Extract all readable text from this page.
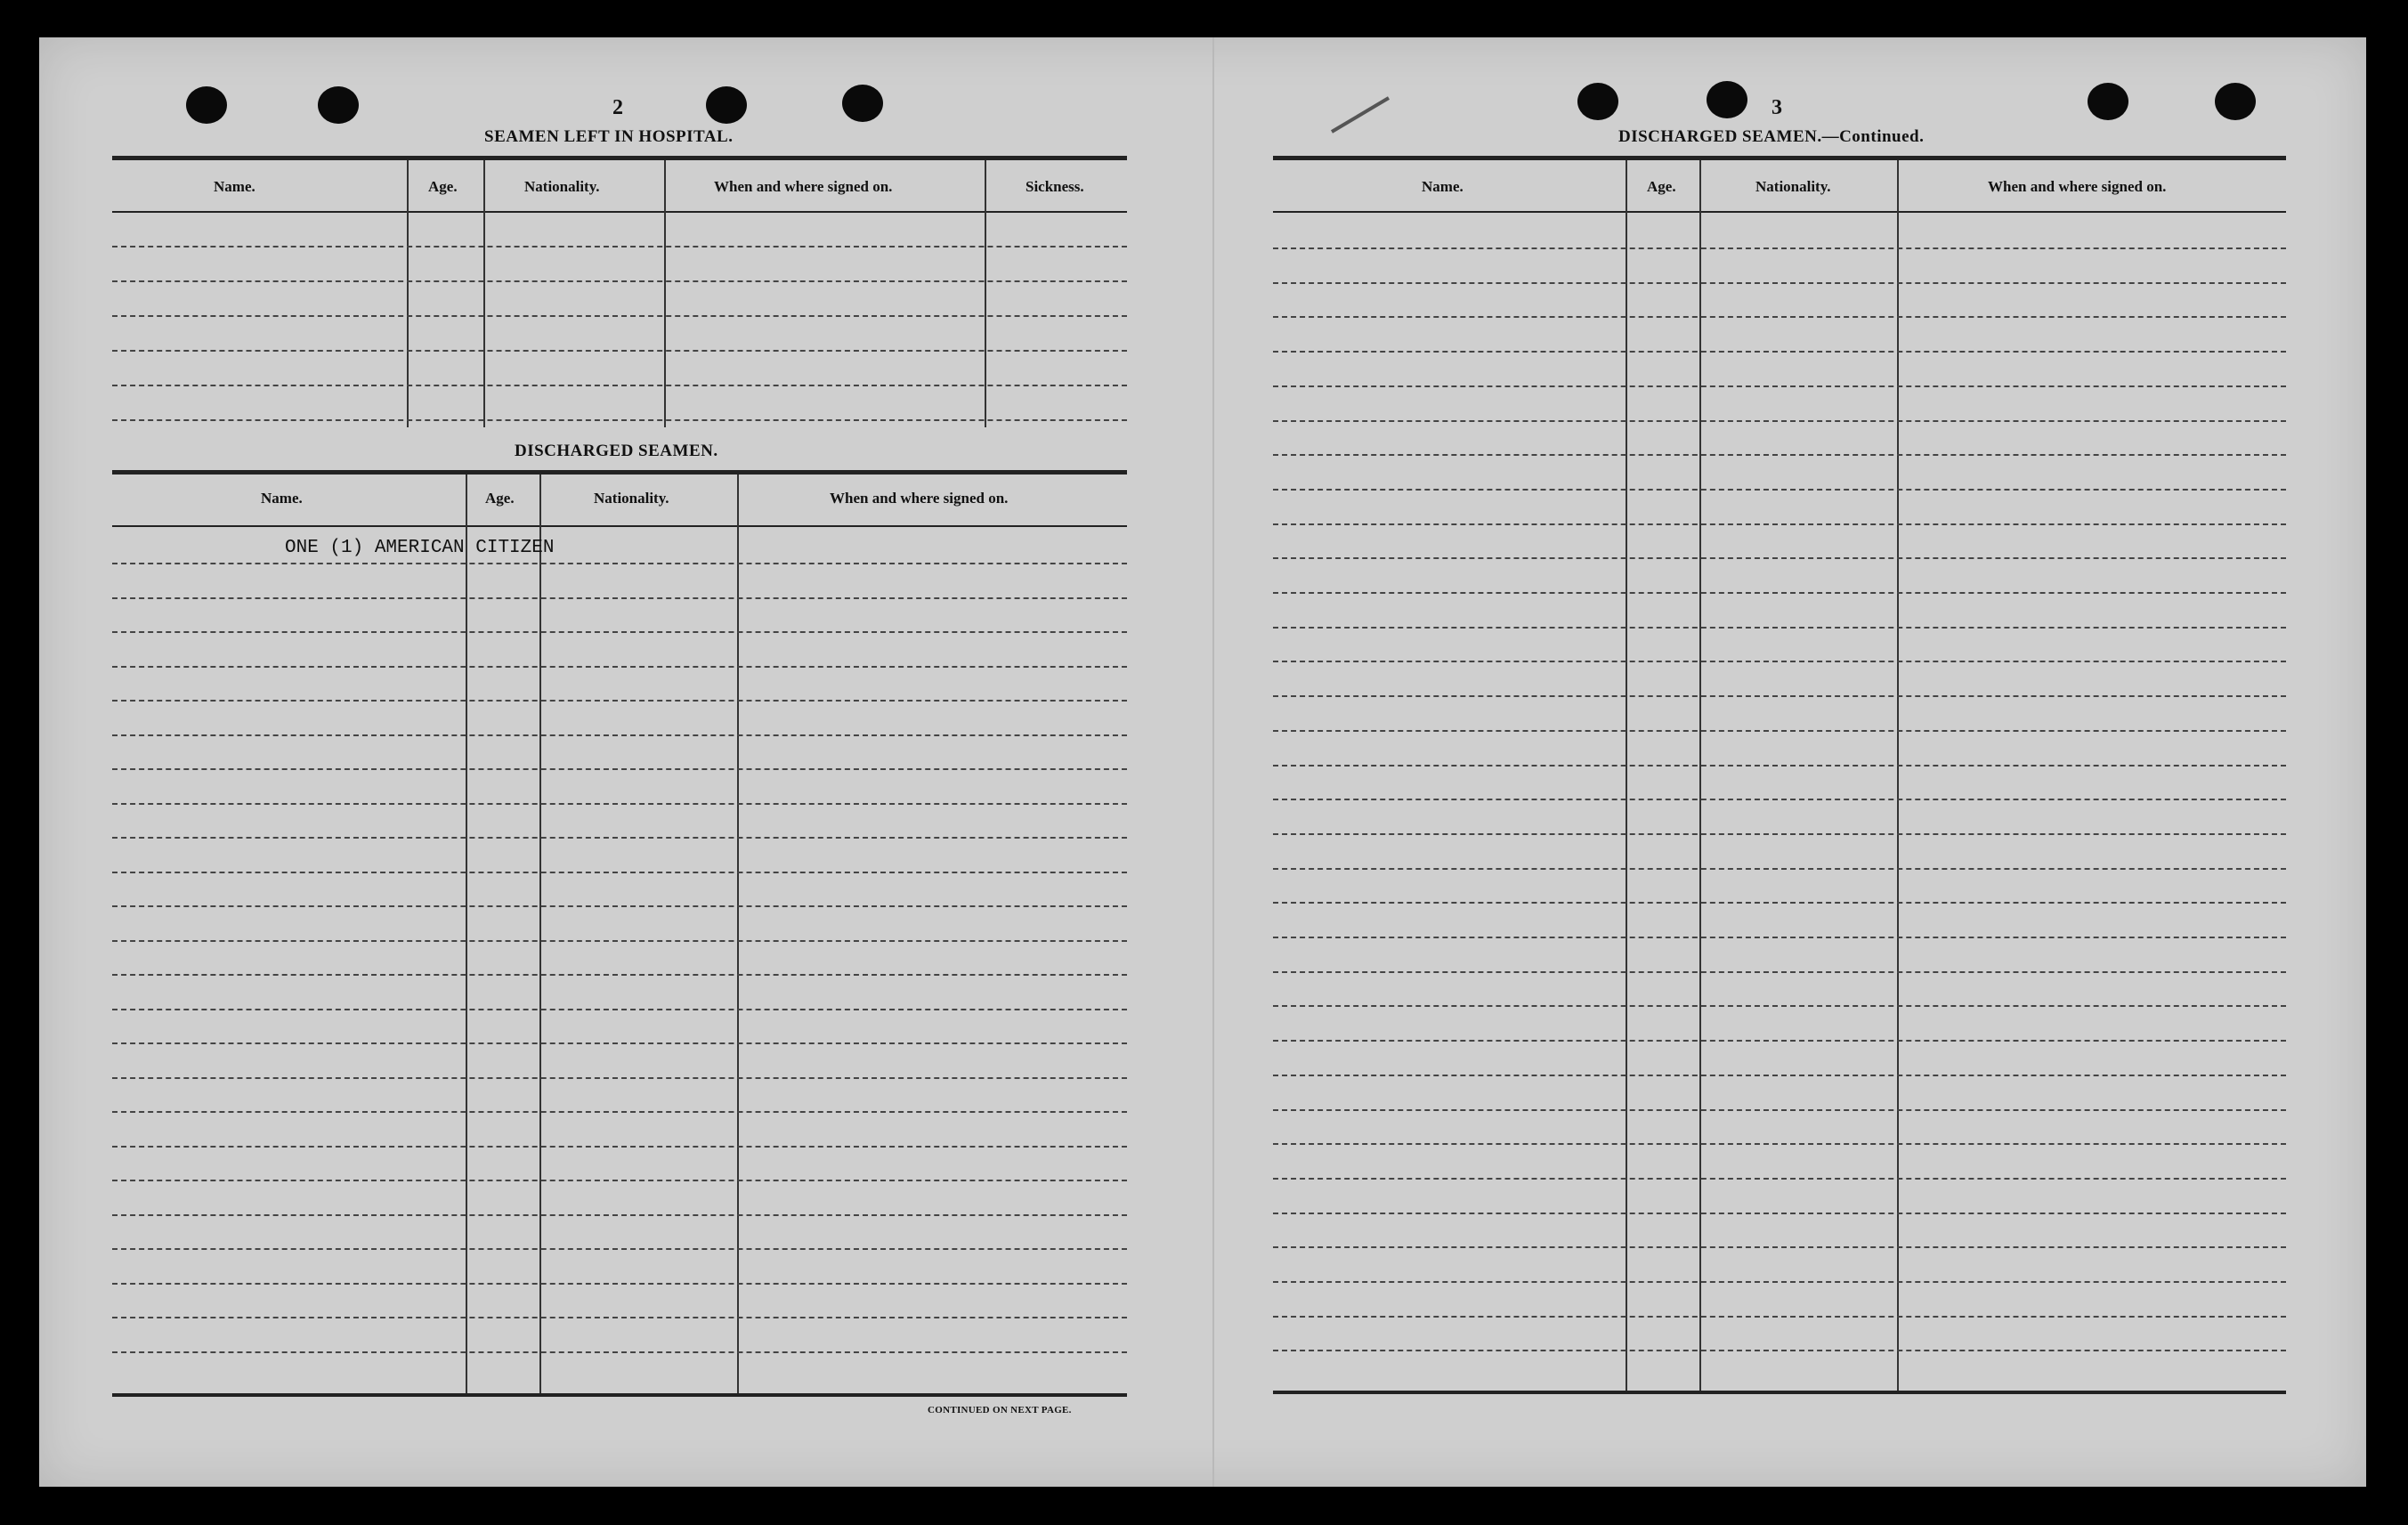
2
SEAMEN LEFT IN HOSPITAL.
Name.	Age.	Nationality.	When and where signed on.	Sickness.
DISCHARGED SEAMEN.
Name.	Age.	Nationality.	When and where signed on.
ONE (1) AMERICAN CITIZEN
CONTINUED ON NEXT PAGE.
3
DISCHARGED SEAMEN.—Continued.
Name.	Age.	Nationality.	When and where signed on.
